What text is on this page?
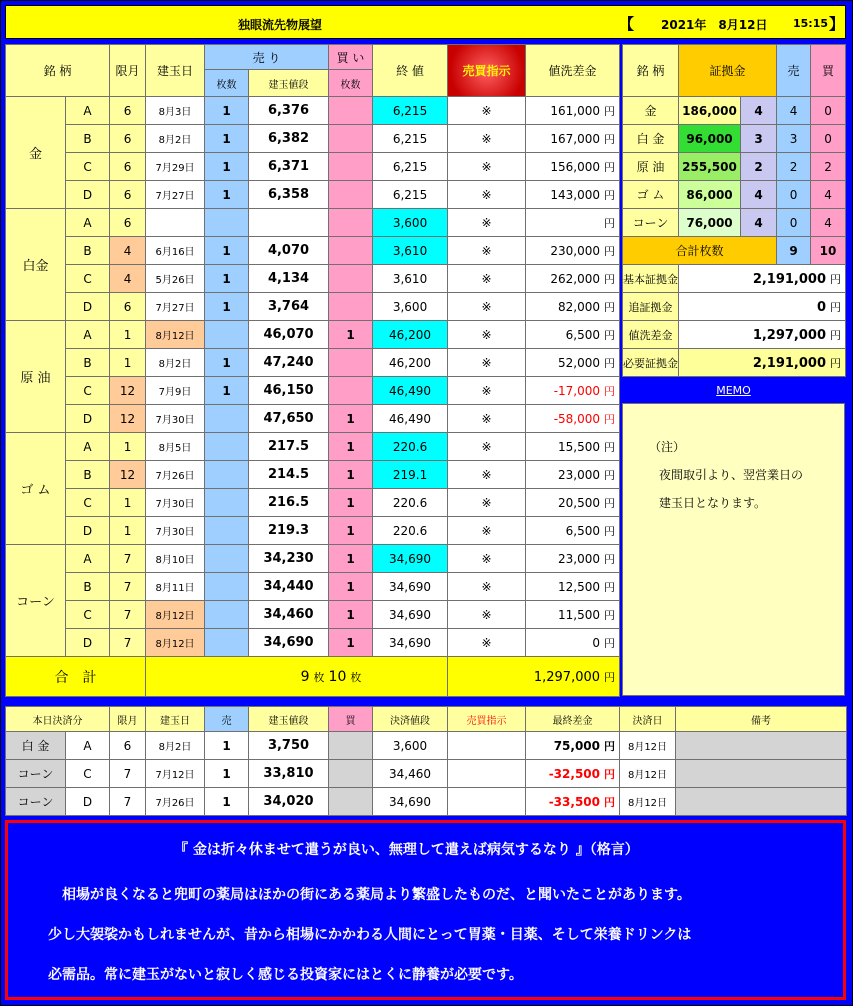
独眼流先物展望	【 2021年　8月12日 15:15 】
銘 柄		限月	建玉日	売 り		買 い	終 値	売買指示	値洗差金
				枚数	建玉値段	枚数			
金	A	6	8月3日	1	6,376		6,215	※	161,000 円
	B	6	8月2日	1	6,382		6,215	※	167,000 円
	C	6	7月29日	1	6,371		6,215	※	156,000 円
	D	6	7月27日	1	6,358		6,215	※	143,000 円
白金	A	6					3,600	※	円
	B	4	6月16日	1	4,070		3,610	※	230,000 円
	C	4	5月26日	1	4,134		3,610	※	262,000 円
	D	6	7月27日	1	3,764		3,600	※	82,000 円
原 油	A	1	8月12日		46,070	1	46,200	※	6,500 円
	B	1	8月2日	1	47,240		46,200	※	52,000 円
	C	12	7月9日	1	46,150		46,490	※	-17,000 円
	D	12	7月30日		47,650	1	46,490	※	-58,000 円
ゴ ム	A	1	8月5日		217.5	1	220.6	※	15,500 円
	B	12	7月26日		214.5	1	219.1	※	23,000 円
	C	1	7月30日		216.5	1	220.6	※	20,500 円
	D	1	7月30日		219.3	1	220.6	※	6,500 円
コーン	A	7	8月10日		34,230	1	34,690	※	23,000 円
	B	7	8月11日		34,440	1	34,690	※	12,500 円
	C	7	8月12日		34,460	1	34,690	※	11,500 円
	D	7	8月12日		34,690	1	34,690	※	0 円
合　計			9 枚			10 枚		1,297,000 円	
銘 柄	証拠金		売	買
金	186,000	4	4	0
白 金	96,000	3	3	0
原 油	255,500	2	2	2
ゴ ム	86,000	4	0	4
コーン	76,000	4	0	4
合計枚数			9	10
基本証拠金	2,191,000 円			
追証拠金	0 円			
値洗差金	1,297,000 円			
必要証拠金	2,191,000 円			
MEMO
（注）
夜間取引より、翌営業日の
建玉日となります。
本日決済分		限月	建玉日	売	建玉値段	買	決済値段	売買指示	最終差金	決済日	備考
白 金	A	6	8月2日	1	3,750		3,600	3,589	75,000 円	8月12日	
コーン	C	7	7月12日	1	33,810		34,460	MO	-32,500 円	8月12日	
コーン	D	7	7月26日	1	34,020		34,690	34,640	-33,500 円	8月12日	
『 金は折々休ませて遣うが良い、無理して遣えば病気するなり 』（格言）
相場が良くなると兜町の薬局はほかの街にある薬局より繁盛したものだ、と聞いたことがあります。
少し大袈裟かもしれませんが、昔から相場にかかわる人間にとって胃薬・目薬、そして栄養ドリンクは
必需品。常に建玉がないと寂しく感じる投資家にはとくに静養が必要です。
